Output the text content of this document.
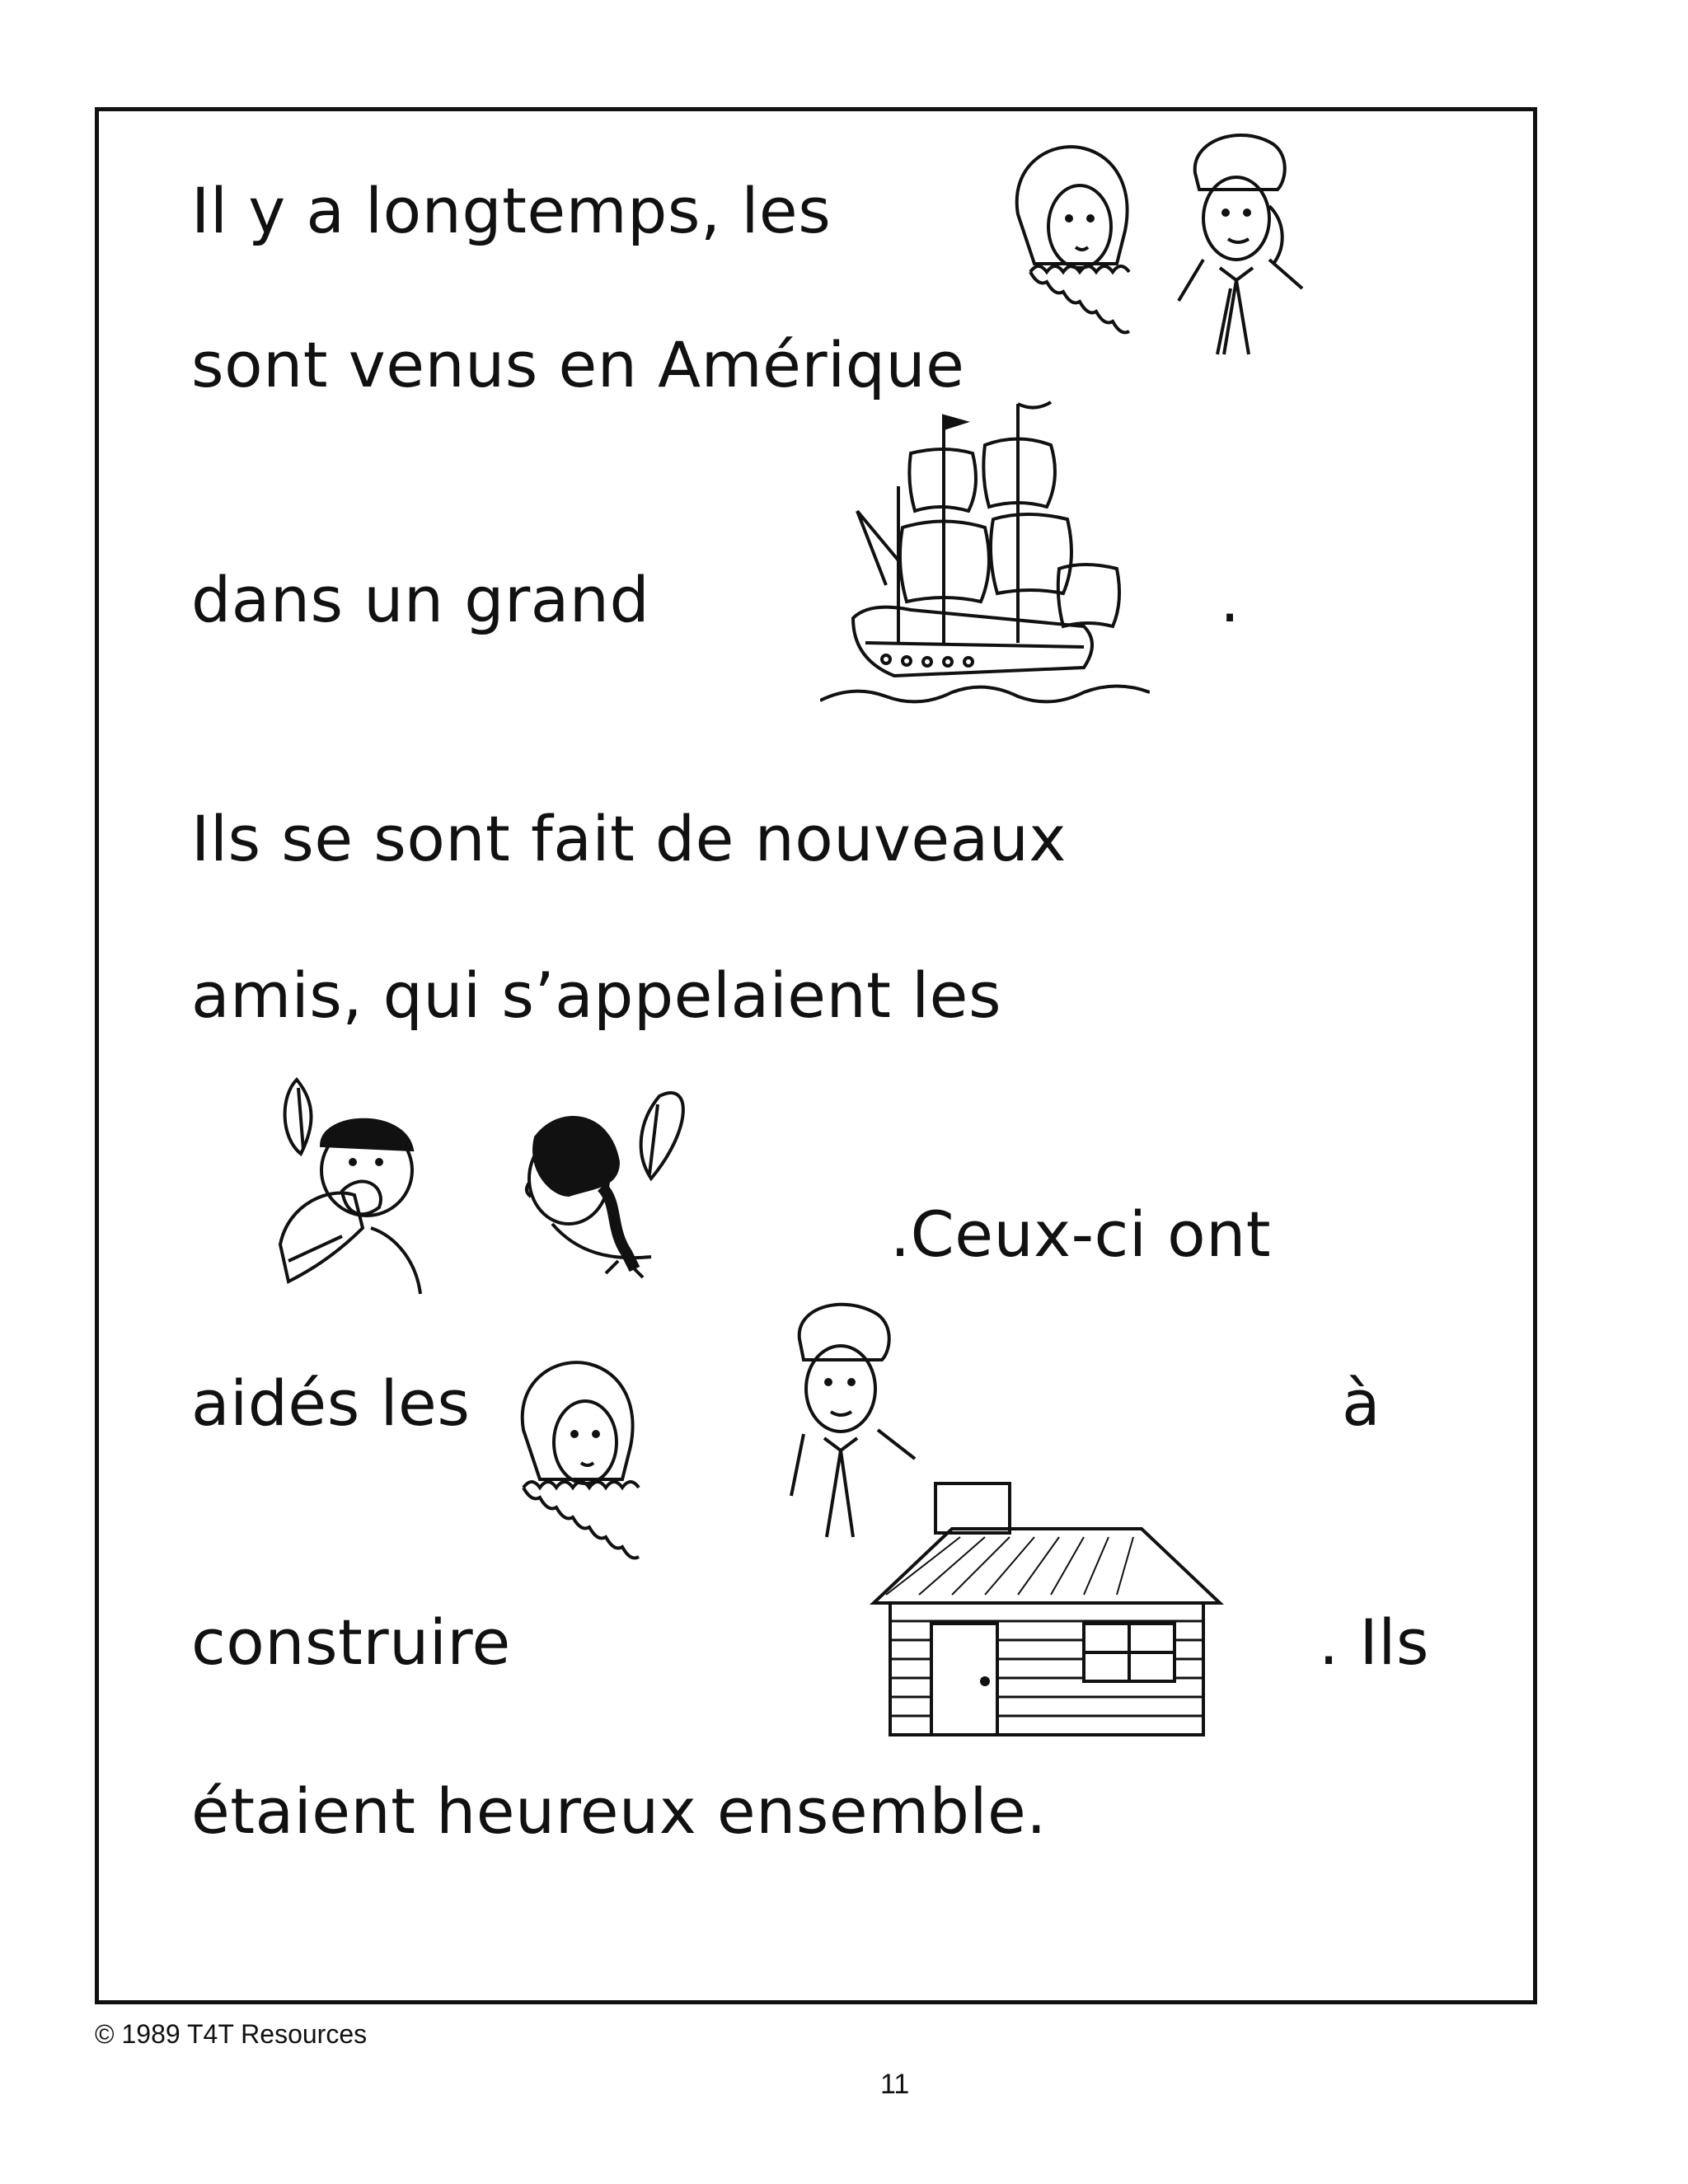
Il y a longtemps, les
sont venus en Amérique
dans un grand	.
Ils se sont fait de nouveaux
amis, qui s’appelaient les
.Ceux-ci ont
aidés les	à
construire	. Ils
étaient heureux ensemble.
© 1989 T4T Resources
11
